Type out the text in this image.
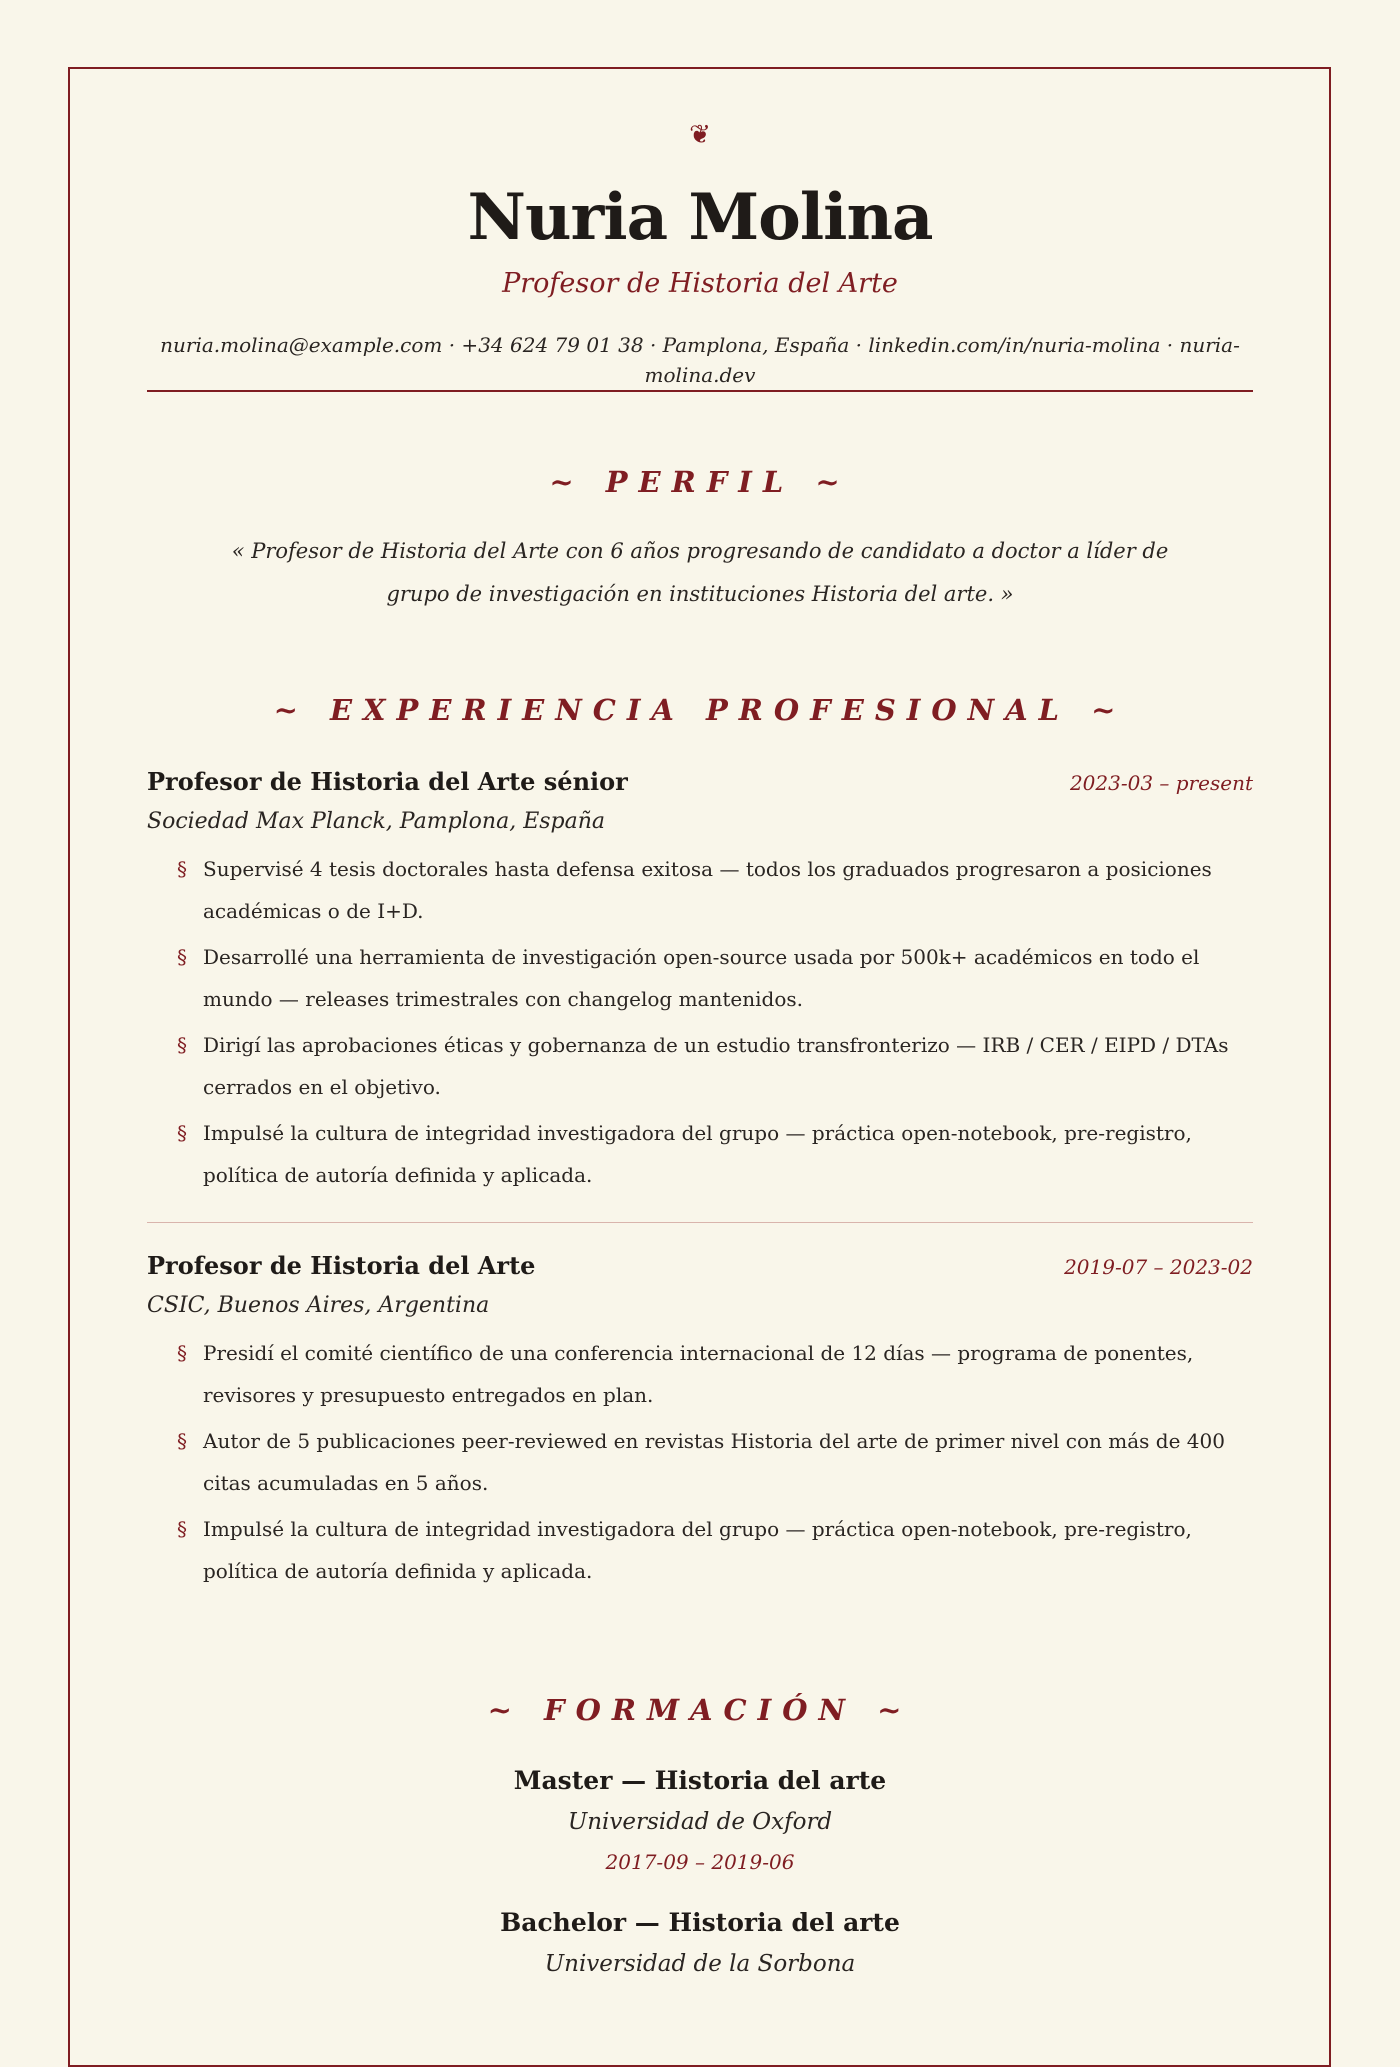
❦
Nuria Molina
Profesor de Historia del Arte
nuria.molina@example.com · +34 624 79 01 38 · Pamplona, España · linkedin.com/in/nuria-molina · nuria-molina.dev
~ PERFIL ~
« Profesor de Historia del Arte con 6 años progresando de candidato a doctor a líder de grupo de investigación en instituciones Historia del arte. »
~ EXPERIENCIA PROFESIONAL ~
Profesor de Historia del Arte sénior	2023-03 – present
Sociedad Max Planck, Pamplona, España
§ Supervisé 4 tesis doctorales hasta defensa exitosa — todos los graduados progresaron a posiciones académicas o de I+D.
§ Desarrollé una herramienta de investigación open-source usada por 500k+ académicos en todo el mundo — releases trimestrales con changelog mantenidos.
§ Dirigí las aprobaciones éticas y gobernanza de un estudio transfronterizo — IRB / CER / EIPD / DTAs cerrados en el objetivo.
§ Impulsé la cultura de integridad investigadora del grupo — práctica open-notebook, pre-registro, política de autoría definida y aplicada.
Profesor de Historia del Arte	2019-07 – 2023-02
CSIC, Buenos Aires, Argentina
§ Presidí el comité científico de una conferencia internacional de 12 días — programa de ponentes, revisores y presupuesto entregados en plan.
§ Autor de 5 publicaciones peer-reviewed en revistas Historia del arte de primer nivel con más de 400 citas acumuladas en 5 años.
§ Impulsé la cultura de integridad investigadora del grupo — práctica open-notebook, pre-registro, política de autoría definida y aplicada.
~ FORMACIÓN ~
Master — Historia del arte
Universidad de Oxford
2017-09 – 2019-06
Bachelor — Historia del arte
Universidad de la Sorbona
